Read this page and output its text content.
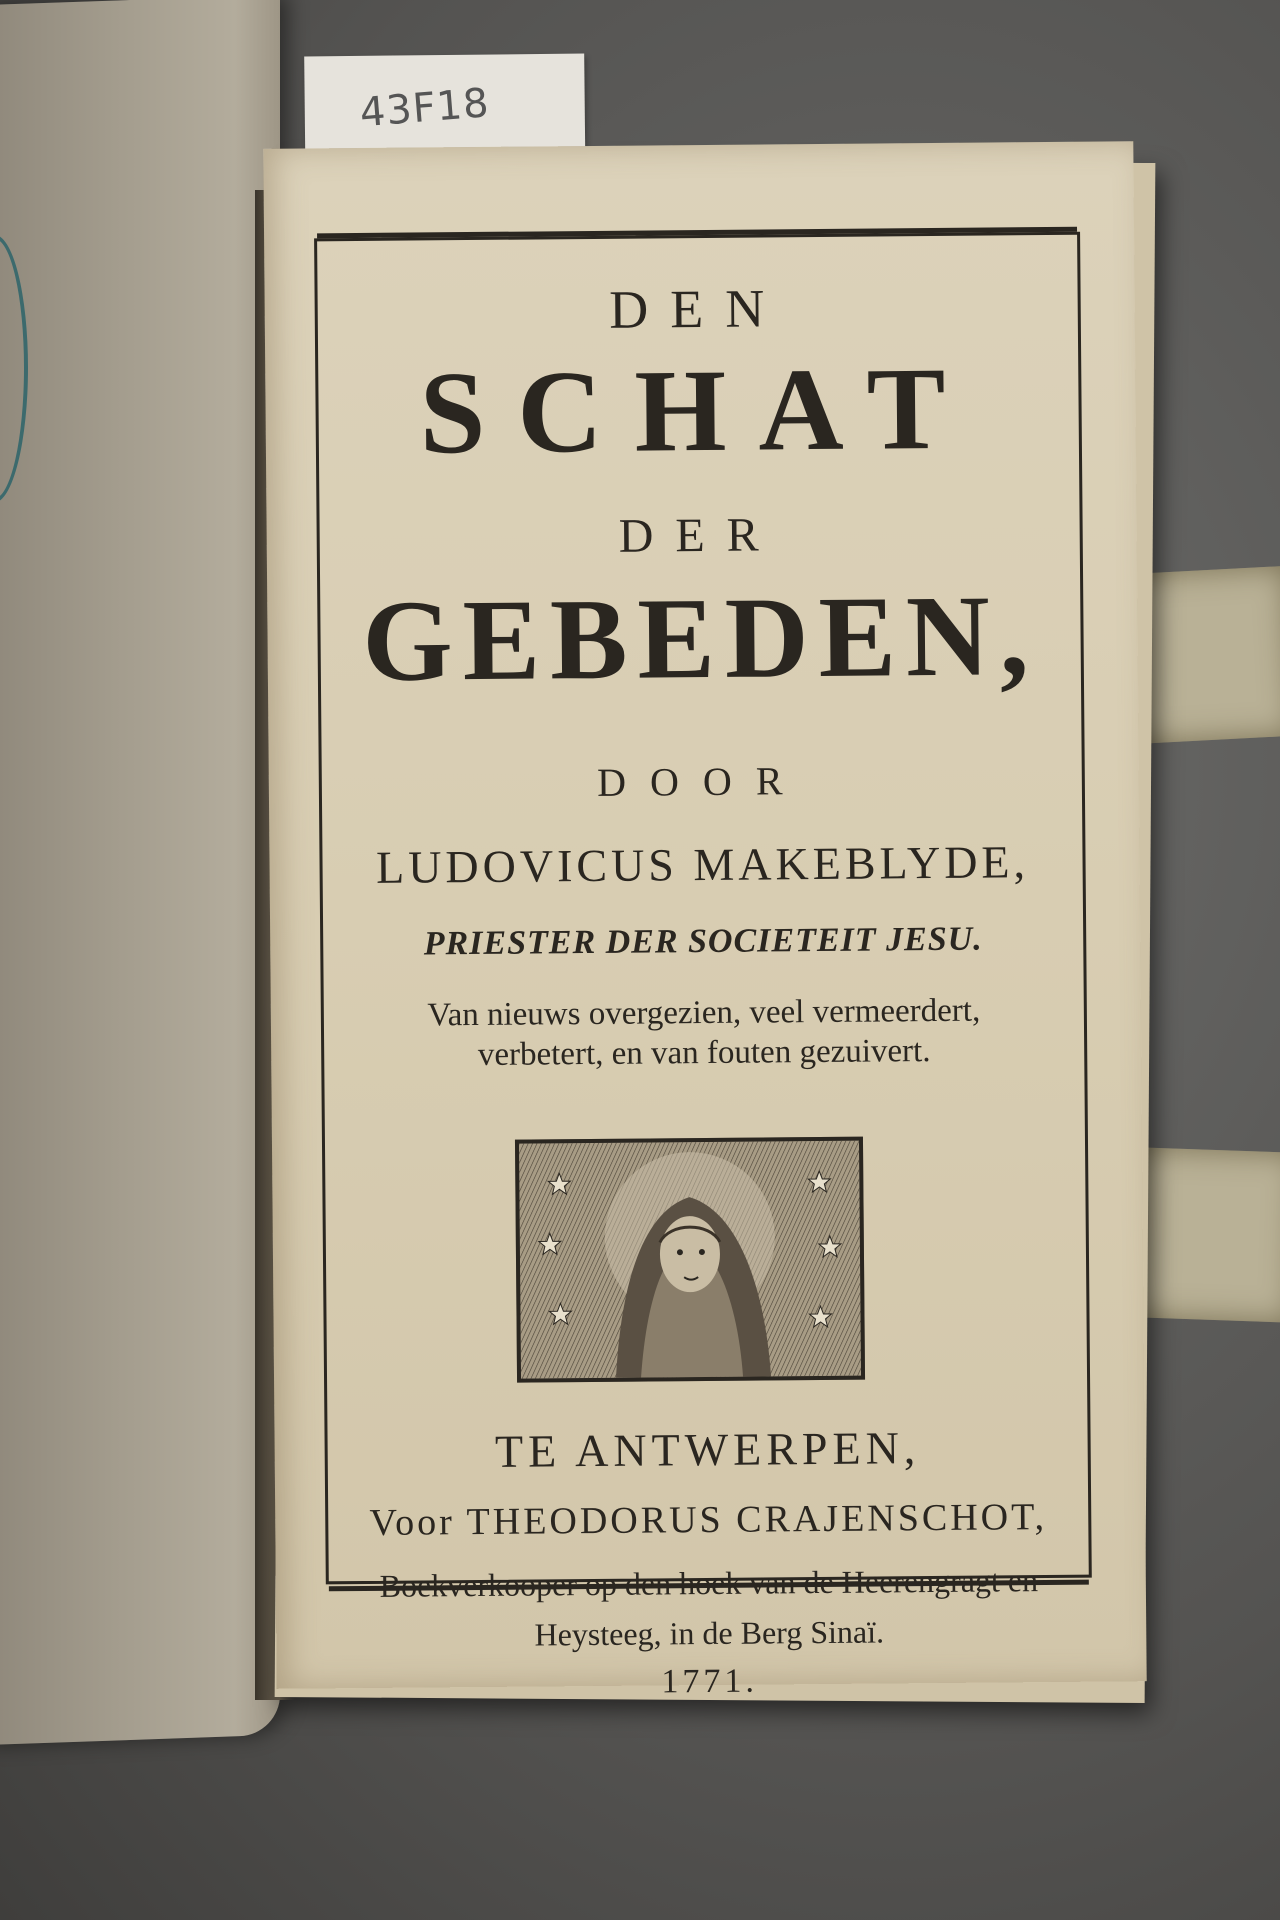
43F18
DEN
SCHAT
DER
GEBEDEN,
DOOR
LUDOVICUS MAKEBLYDE,
PRIESTER DER SOCIETEIT JESU.
Van nieuws overgezien, veel vermeerdert, verbetert, en van fouten gezuivert.
TE ANTWERPEN,
Voor THEODORUS CRAJENSCHOT,
Boekverkooper op den hoek van de Heerengragt en Heysteeg, in de Berg Sinaï.
1771.
